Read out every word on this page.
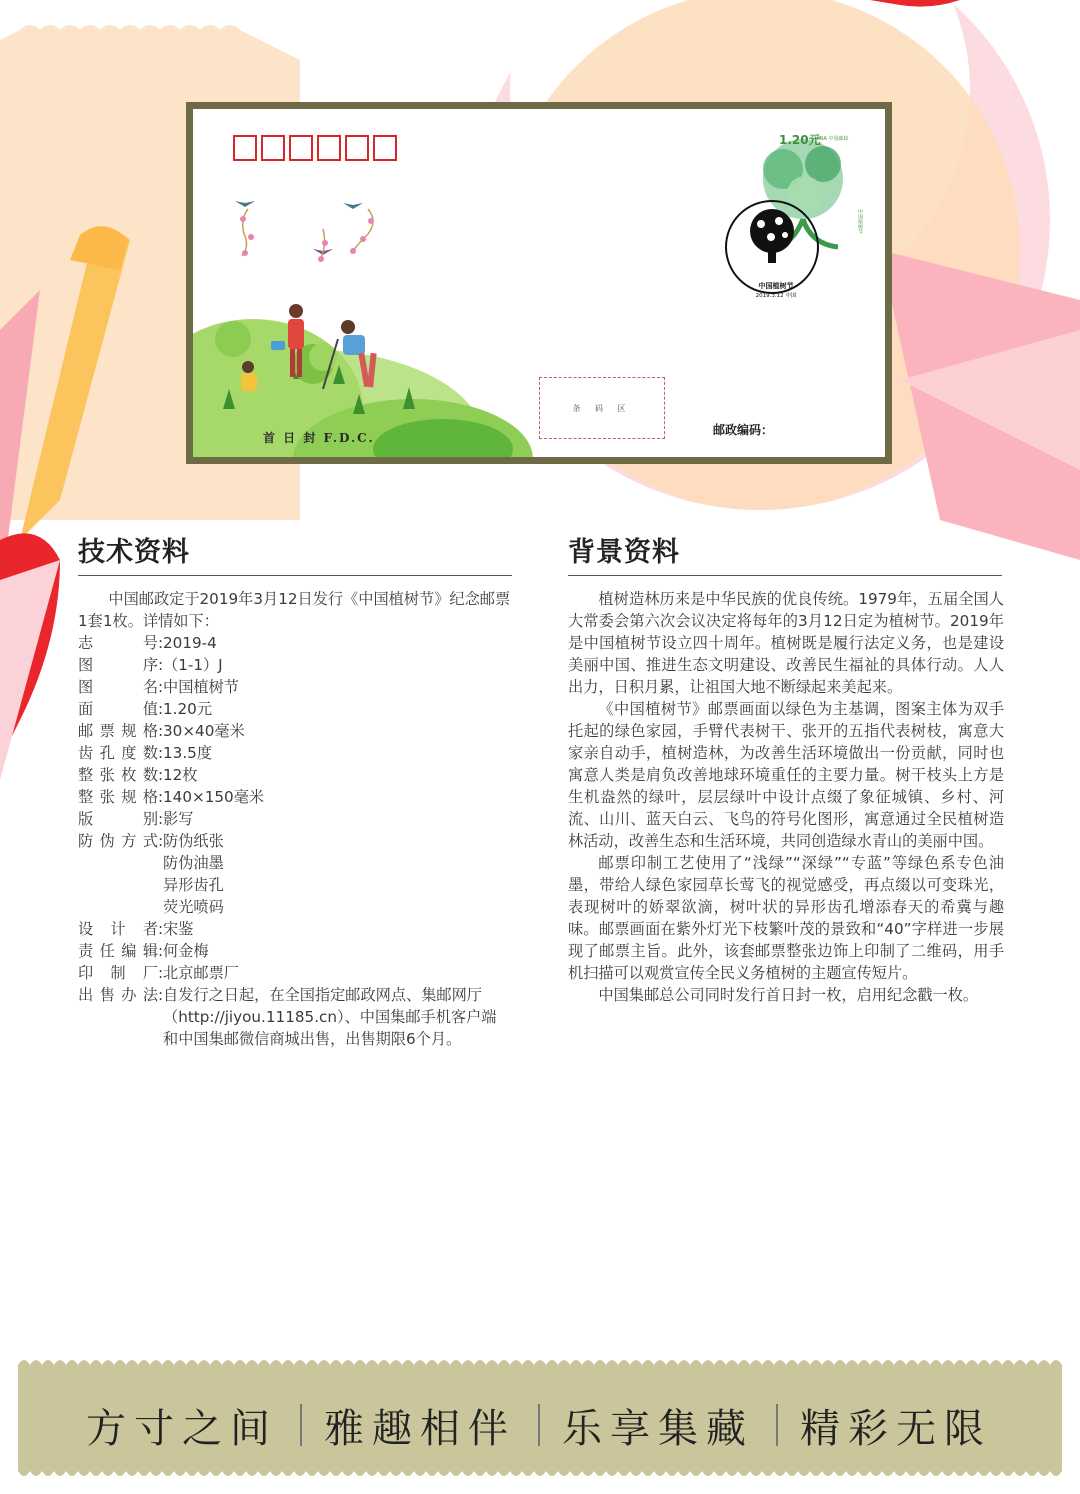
1.20元
CHINA 中国邮政
中国植树节
中国植树节
2019.3.12 中国
首 日 封 F.D.C.
条 码 区
邮政编码：
技术资料

中国邮政定于2019年3月12日发行《中国植树节》纪念邮票1套1枚。详情如下：

志号 : 2019-4
图序 : （1-1）J
图名 : 中国植树节
面值 : 1.20元
邮票规格 : 30×40毫米
齿孔度数 : 13.5度
整张枚数 : 12枚
整张规格 : 140×150毫米
版别 : 影写
防伪方式 : 防伪纸张
防伪油墨
异形齿孔
荧光喷码
设计者 : 宋鉴
责任编辑 : 何金梅
印制厂 : 北京邮票厂
出售办法 : 自发行之日起，在全国指定邮政网点、集邮网厅
（http://jiyou.11185.cn）、中国集邮手机客户端
和中国集邮微信商城出售，出售期限6个月。
背景资料

植树造林历来是中华民族的优良传统。1979年，五届全国人大常委会第六次会议决定将每年的3月12日定为植树节。2019年是中国植树节设立四十周年。植树既是履行法定义务，也是建设美丽中国、推进生态文明建设、改善民生福祉的具体行动。人人出力，日积月累，让祖国大地不断绿起来美起来。

《中国植树节》邮票画面以绿色为主基调，图案主体为双手托起的绿色家园，手臂代表树干、张开的五指代表树枝，寓意大家亲自动手，植树造林，为改善生活环境做出一份贡献，同时也寓意人类是肩负改善地球环境重任的主要力量。树干枝头上方是生机盎然的绿叶，层层绿叶中设计点缀了象征城镇、乡村、河流、山川、蓝天白云、飞鸟的符号化图形，寓意通过全民植树造林活动，改善生态和生活环境，共同创造绿水青山的美丽中国。

邮票印制工艺使用了“浅绿”“深绿”“专蓝”等绿色系专色油墨，带给人绿色家园草长莺飞的视觉感受，再点缀以可变珠光，表现树叶的娇翠欲滴，树叶状的异形齿孔增添春天的希冀与趣味。邮票画面在紫外灯光下枝繁叶茂的景致和“40”字样进一步展现了邮票主旨。此外，该套邮票整张边饰上印制了二维码，用手机扫描可以观赏宣传全民义务植树的主题宣传短片。

中国集邮总公司同时发行首日封一枚，启用纪念戳一枚。

方寸之间 雅趣相伴 乐享集藏 精彩无限
